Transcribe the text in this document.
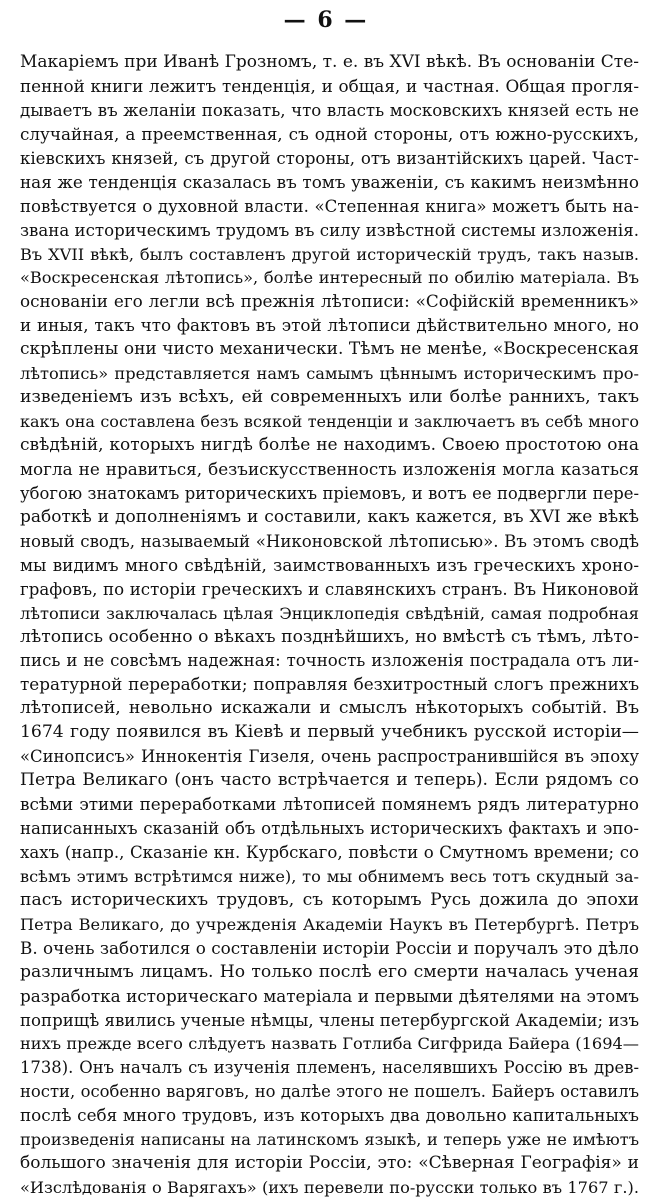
— 6 —
Макаріемъ при Иванѣ Грозномъ, т. е. въ XVI вѣкѣ. Въ основаніи Сте-
пенной книги лежитъ тенденція, и общая, и частная. Общая прогля-
дываетъ въ желаніи показать, что власть московскихъ князей есть не
случайная, а преемственная, съ одной стороны, отъ южно-русскихъ,
кіевскихъ князей, съ другой стороны, отъ византійскихъ царей. Част-
ная же тенденція сказалась въ томъ уваженіи, съ какимъ неизмѣнно
повѣствуется о духовной власти. «Степенная книга» можетъ быть на-
звана историческимъ трудомъ въ силу извѣстной системы изложенія.
Въ XVII вѣкѣ, былъ составленъ другой историческій трудъ, такъ назыв.
«Воскресенская лѣтопись», болѣе интересный по обилію матеріала. Въ
основаніи его легли всѣ прежнія лѣтописи: «Софійскій временникъ»
и иныя, такъ что фактовъ въ этой лѣтописи дѣйствительно много, но
скрѣплены они чисто механически. Тѣмъ не менѣе, «Воскресенская
лѣтопись» представляется намъ самымъ цѣннымъ историческимъ про-
изведеніемъ изъ всѣхъ, ей современныхъ или болѣе раннихъ, такъ
какъ она составлена безъ всякой тенденціи и заключаетъ въ себѣ много
свѣдѣній, которыхъ нигдѣ болѣе не находимъ. Своею простотою она
могла не нравиться, безъискусственность изложенія могла казаться
убогою знатокамъ риторическихъ пріемовъ, и вотъ ее подвергли пере-
работкѣ и дополненіямъ и составили, какъ кажется, въ XVI же вѣкѣ
новый сводъ, называемый «Никоновской лѣтописью». Въ этомъ сводѣ
мы видимъ много свѣдѣній, заимствованныхъ изъ греческихъ хроно-
графовъ, по исторіи греческихъ и славянскихъ странъ. Въ Никоновой
лѣтописи заключалась цѣлая Энциклопедія свѣдѣній, самая подробная
лѣтопись особенно о вѣкахъ позднѣйшихъ, но вмѣстѣ съ тѣмъ, лѣто-
пись и не совсѣмъ надежная: точность изложенія пострадала отъ ли-
тературной переработки; поправляя безхитростный слогъ прежнихъ
лѣтописей, невольно искажали и смыслъ нѣкоторыхъ событій. Въ
1674 году появился въ Кіевѣ и первый учебникъ русской исторіи—
«Синопсисъ» Иннокентія Гизеля, очень распространившійся въ эпоху
Петра Великаго (онъ часто встрѣчается и теперь). Если рядомъ со
всѣми этими переработками лѣтописей помянемъ рядъ литературно
написанныхъ сказаній объ отдѣльныхъ историческихъ фактахъ и эпо-
хахъ (напр., Сказаніе кн. Курбскаго, повѣсти о Смутномъ времени; со
всѣмъ этимъ встрѣтимся ниже), то мы обнимемъ весь тотъ скудный за-
пасъ историческихъ трудовъ, съ которымъ Русь дожила до эпохи
Петра Великаго, до учрежденія Академіи Наукъ въ Петербургѣ. Петръ
В. очень заботился о составленіи исторіи Россіи и поручалъ это дѣло
различнымъ лицамъ. Но только послѣ его смерти началась ученая
разработка историческаго матеріала и первыми дѣятелями на этомъ
поприщѣ явились ученые нѣмцы, члены петербургской Академіи; изъ
нихъ прежде всего слѣдуетъ назвать Готлиба Сигфрида Байера (1694—
1738). Онъ началъ съ изученія племенъ, населявшихъ Россію въ древ-
ности, особенно варяговъ, но далѣе этого не пошелъ. Байеръ оставилъ
послѣ себя много трудовъ, изъ которыхъ два довольно капитальныхъ
произведенія написаны на латинскомъ языкѣ, и теперь уже не имѣютъ
большого значенія для исторіи Россіи, это: «Сѣверная Географія» и
«Изслѣдованія о Варягахъ» (ихъ перевели по-русски только въ 1767 г.).
